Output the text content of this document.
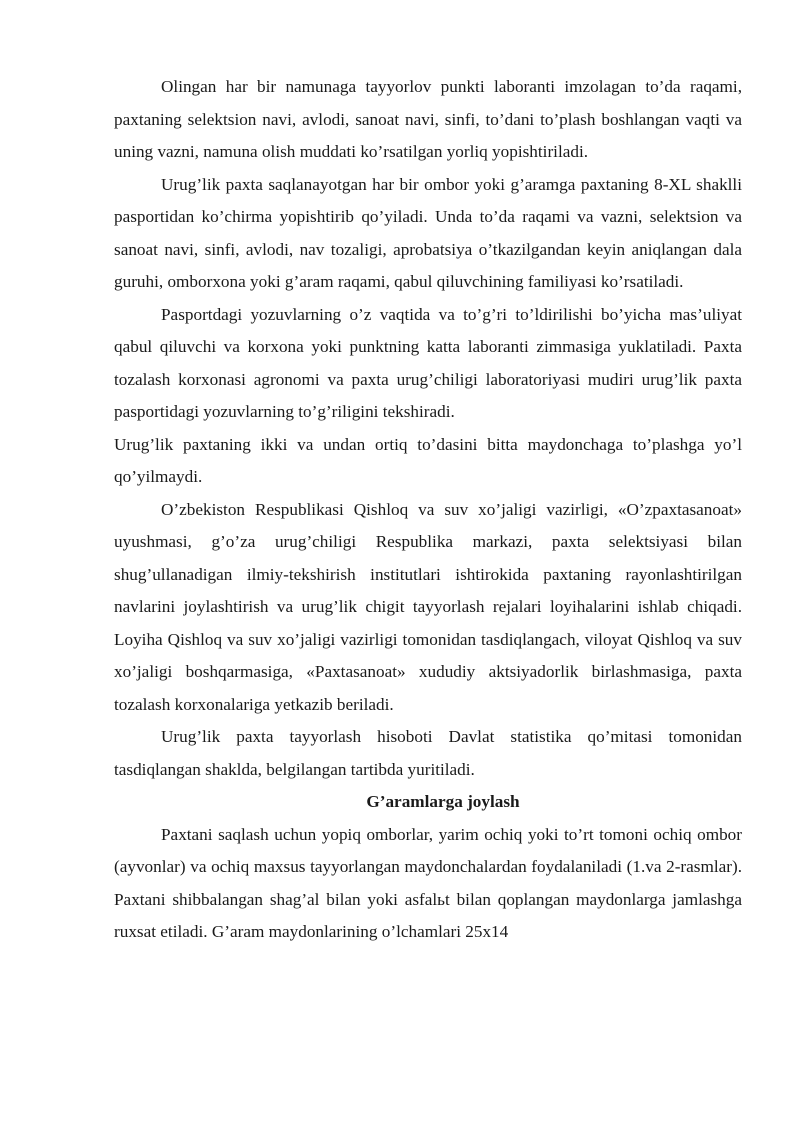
Olingan har bir namunaga tayyorlov punkti laboranti imzolagan to’da raqami, paxtaning selektsion navi, avlodi, sanoat navi, sinfi, to’dani to’plash boshlangan vaqti va uning vazni, namuna olish muddati ko’rsatilgan yorliq yopishtiriladi.

Urug’lik paxta saqlanayotgan har bir ombor yoki g’aramga paxtaning 8-XL shaklli pasportidan ko’chirma yopishtirib qo’yiladi. Unda to’da raqami va vazni, selektsion va sanoat navi, sinfi, avlodi, nav tozaligi, aprobatsiya o’tkazilgandan keyin aniqlangan dala guruhi, omborxona yoki g’aram raqami, qabul qiluvchining familiyasi ko’rsatiladi.

Pasportdagi yozuvlarning o’z vaqtida va to’g’ri to’ldirilishi bo’yicha mas’uliyat qabul qiluvchi va korxona yoki punktning katta laboranti zimmasiga yuklatiladi. Paxta tozalash korxonasi agronomi va paxta urug’chiligi laboratoriyasi mudiri urug’lik paxta pasportidagi yozuvlarning to’g’riligini tekshiradi.

Urug’lik paxtaning ikki va undan ortiq to’dasini bitta maydonchaga to’plashga yo’l qo’yilmaydi.

O’zbekiston Respublikasi Qishloq va suv xo’jaligi vazirligi, «O’zpaxtasanoat» uyushmasi, g’o’za urug’chiligi Respublika markazi, paxta selektsiyasi bilan shug’ullanadigan ilmiy-tekshirish institutlari ishtirokida paxtaning rayonlashtirilgan navlarini joylashtirish va urug’lik chigit tayyorlash rejalari loyihalarini ishlab chiqadi. Loyiha Qishloq va suv xo’jaligi vazirligi tomonidan tasdiqlangach, viloyat Qishloq va suv xo’jaligi boshqarmasiga, «Paxtasanoat» xududiy aktsiyadorlik birlashmasiga, paxta tozalash korxonalariga yetkazib beriladi.

Urug’lik paxta tayyorlash hisoboti Davlat statistika qo’mitasi tomonidan tasdiqlangan shaklda, belgilangan tartibda yuritiladi.

G’aramlarga joylash

Paxtani saqlash uchun yopiq omborlar, yarim ochiq yoki to’rt tomoni ochiq ombor (ayvonlar) va ochiq maxsus tayyorlangan maydonchalardan foydalaniladi (1.va 2-rasmlar). Paxtani shibbalangan shag’al bilan yoki asfalьt bilan qoplangan maydonlarga jamlashga ruxsat etiladi. G’aram maydonlarining o’lchamlari 25x14
